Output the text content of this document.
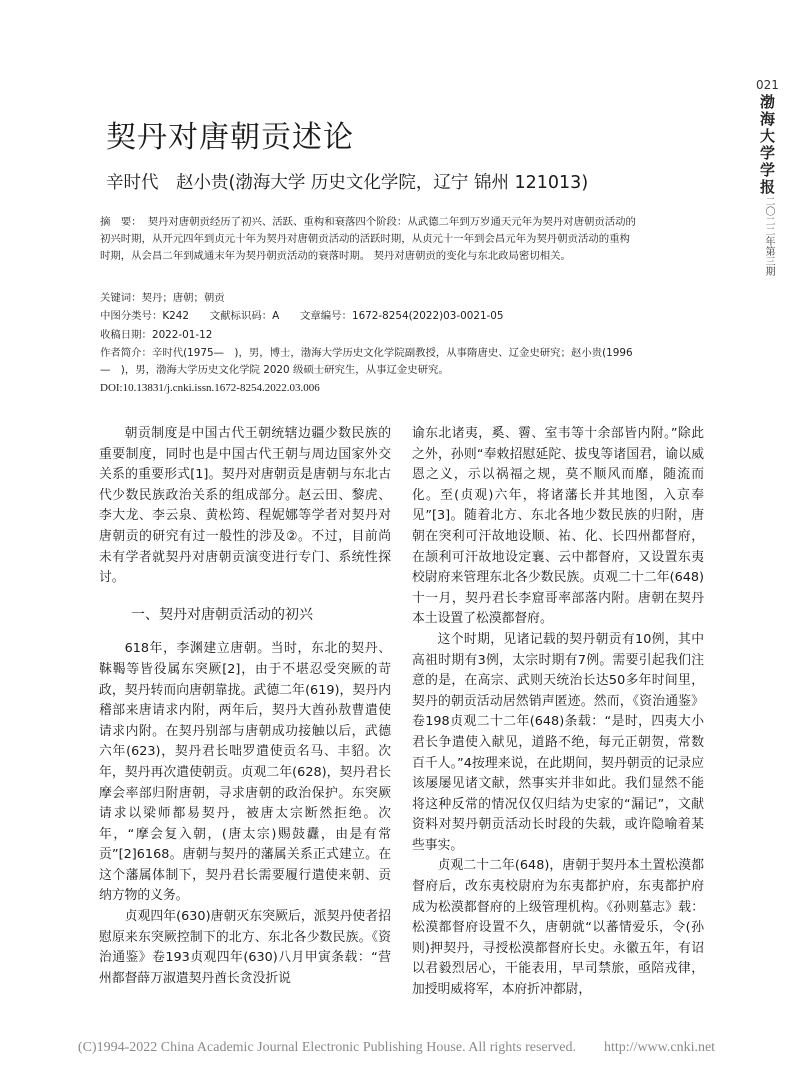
021
渤海大学学报
二〇二二年第三期
契丹对唐朝贡述论
辛时代　赵小贵(渤海大学 历史文化学院，辽宁 锦州 121013)
摘　要： 契丹对唐朝贡经历了初兴、活跃、重构和衰落四个阶段：从武德二年到万岁通天元年为契丹对唐朝贡活动的初兴时期，从开元四年到贞元十年为契丹对唐朝贡活动的活跃时期，从贞元十一年到会昌元年为契丹朝贡活动的重构时期，从会昌二年到咸通末年为契丹朝贡活动的衰落时期。 契丹对唐朝贡的变化与东北政局密切相关。
关键词：契丹；唐朝；朝贡
中图分类号：K242　　文献标识码：A　　文章编号：1672-8254(2022)03-0021-05
收稿日期：2022-01-12
作者简介：辛时代(1975—　)，男，博士，渤海大学历史文化学院副教授，从事隋唐史、辽金史研究；赵小贵(1996—　)，男，渤海大学历史文化学院 2020 级硕士研究生，从事辽金史研究。
DOI:10.13831/j.cnki.issn.1672-8254.2022.03.006

朝贡制度是中国古代王朝统辖边疆少数民族的重要制度，同时也是中国古代王朝与周边国家外交关系的重要形式[1]。契丹对唐朝贡是唐朝与东北古代少数民族政治关系的组成部分。赵云田、黎虎、李大龙、李云泉、黄松筠、程妮娜等学者对契丹对唐朝贡的研究有过一般性的涉及②。不过，目前尚未有学者就契丹对唐朝贡演变进行专门、系统性探讨。

一、契丹对唐朝贡活动的初兴

618年，李渊建立唐朝。当时，东北的契丹、靺鞨等皆役属东突厥[2]，由于不堪忍受突厥的苛政，契丹转而向唐朝靠拢。武德二年(619)，契丹内稽部来唐请求内附，两年后，契丹大酋孙敖曹遣使请求内附。在契丹别部与唐朝成功接触以后，武德六年(623)，契丹君长咄罗遣使贡名马、丰貂。次年，契丹再次遣使朝贡。贞观二年(628)，契丹君长摩会率部归附唐朝，寻求唐朝的政治保护。东突厥请求以梁师都易契丹，被唐太宗断然拒绝。次年，“摩会复入朝，(唐太宗)赐鼓纛，由是有常贡”[2]6168。唐朝与契丹的藩属关系正式建立。在这个藩属体制下，契丹君长需要履行遣使来朝、贡纳方物的义务。

贞观四年(630)唐朝灭东突厥后，派契丹使者招慰原来东突厥控制下的北方、东北各少数民族。《资治通鉴》卷193贞观四年(630)八月甲寅条载：“营州都督薛万淑遣契丹酋长贪没折说

谕东北诸夷，奚、霫、室韦等十余部皆内附。”除此之外，孙则“奉敕招慰延陀、拔曳等诸国君，谕以威恩之义，示以祸福之规，莫不顺风而靡，随流而化。至(贞观)六年，将诸藩长并其地图，入京奉见”[3]。随着北方、东北各地少数民族的归附，唐朝在突利可汗故地设顺、祐、化、长四州都督府，在颉利可汗故地设定襄、云中都督府，又设置东夷校尉府来管理东北各少数民族。贞观二十二年(648)十一月，契丹君长李窟哥率部落内附。唐朝在契丹本土设置了松漠都督府。

这个时期，见诸记载的契丹朝贡有10例，其中高祖时期有3例，太宗时期有7例。需要引起我们注意的是，在高宗、武则天统治长达50多年时间里，契丹的朝贡活动居然销声匿迹。然而，《资治通鉴》卷198贞观二十二年(648)条载：“是时，四夷大小君长争遣使入献见，道路不绝，每元正朝贺，常数百千人。”4按理来说，在此期间，契丹朝贡的记录应该屡屡见诸文献，然事实并非如此。我们显然不能将这种反常的情况仅仅归结为史家的“漏记”，文献资料对契丹朝贡活动长时段的失载，或许隐喻着某些事实。

贞观二十二年(648)，唐朝于契丹本土置松漠都督府后，改东夷校尉府为东夷都护府，东夷都护府成为松漠都督府的上级管理机构。《孙则墓志》载：松漠都督府设置不久，唐朝就“以蕃情爱乐，令(孙则)押契丹，寻授松漠都督府长史。永徽五年，有诏以君毅烈居心，干能表用，早司禁旅，亟陪戎律，加授明威将军，本府折冲都尉，

(C)1994-2022 China Academic Journal Electronic Publishing House. All rights reserved.　　http://www.cnki.net
